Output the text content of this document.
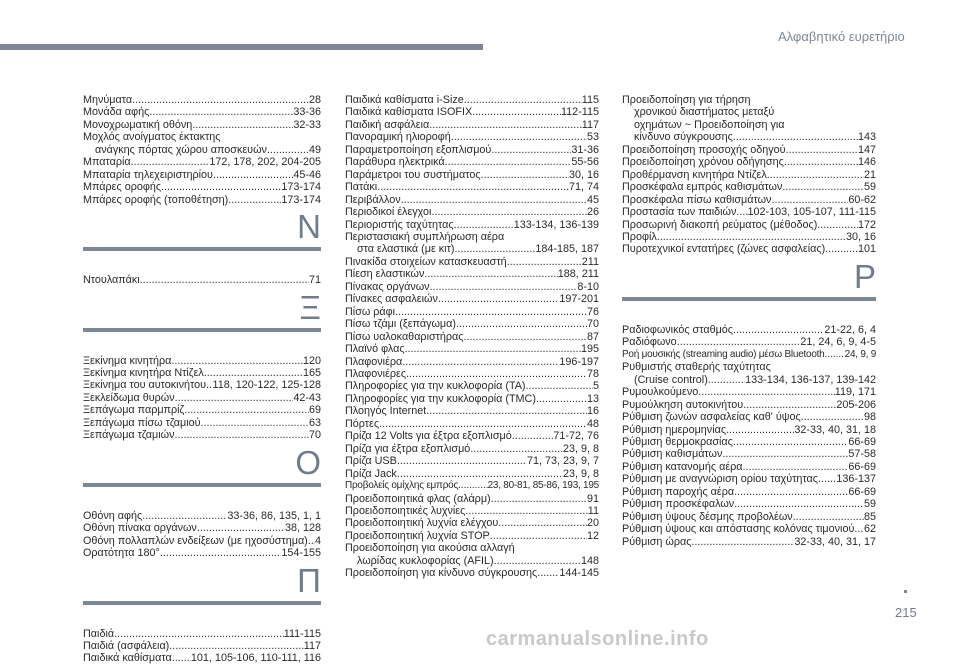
Αλφαβητικό ευρετήριο
Μηνύματα .....	28
Μονάδα αφής .....	33-36
Μονοχρωματική οθόνη .....	32-33
Μοχλός ανοίγματος έκτακτης
ανάγκης πόρτας χώρου αποσκευών .....	49
Μπαταρία .....	172, 178, 202, 204-205
Μπαταρία τηλεχειριστηρίου .....	45-46
Μπάρες οροφής .....	173-174
Μπάρες οροφής (τοποθέτηση) .....	173-174
Ν
Ντουλαπάκι .....	71
Ξ
Ξεκίνημα κινητήρα .....	120
Ξεκίνημα κινητήρα Ντίζελ .....	165
Ξεκίνημα του αυτοκινήτου ..... 118, 120-122, 125-128
Ξεκλείδωμα θυρών .....	42-43
Ξεπάγωμα παρμπρίζ .....	69
Ξεπάγωμα πίσω τζαμιού .....	63
Ξεπάγωμα τζαμιών .....	70
Ο
Οθόνη αφής .....	33-36, 86, 135, 1, 1
Οθόνη πίνακα οργάνων .....	38, 128
Οθόνη πολλαπλών ενδείξεων (με ηχοσύστημα) ..... 4
Ορατότητα 180° .....	154-155
Π
Παιδιά .....	111-115
Παιδιά (ασφάλεια) .....	117
Παιδικά καθίσματα ..... 101, 105-106, 110-111, 116
Παιδικά καθίσματα i-Size .....	115
Παιδικά καθίσματα ISOFIX .....	112-115
Παιδική ασφάλεια .....	117
Πανοραμική ηλιοροφή .....	53
Παραμετροποίηση εξοπλισμού .....	31-36
Παράθυρα ηλεκτρικά .....	55-56
Παράμετροι του συστήματος .....	30, 16
Πατάκι .....	71, 74
Περιβάλλον .....	45
Περιοδικοί έλεγχοι .....	26
Περιοριστής ταχύτητας .....	133-134, 136-139
Περιστασιακή συμπλήρωση αέρα
στα ελαστικά (με κιτ) .....	184-185, 187
Πινακίδα στοιχείων κατασκευαστή .....	211
Πίεση ελαστικών .....	188, 211
Πίνακας οργάνων .....	8-10
Πίνακες ασφαλειών .....	197-201
Πίσω ράφι .....	76
Πίσω τζάμι (ξεπάγωμα) .....	70
Πίσω υαλοκαθαριστήρας .....	87
Πλαϊνό φλας .....	195
Πλαφονιέρα .....	196-197
Πλαφονιέρες .....	78
Πληροφορίες για την κυκλοφορία (TA) .....	5
Πληροφορίες για την κυκλοφορία (TMC) .....	13
Πλοηγός Internet .....	16
Πόρτες .....	48
Πρίζα 12 Volts για έξτρα εξοπλισμό .....	71-72, 76
Πρίζα για έξτρα εξοπλισμό .....	23, 9, 8
Πρίζα USB .....	71, 73, 23, 9, 7
Πρίζα Jack .....	23, 9, 8
Προβολείς ομίχλης εμπρός .....	23, 80-81, 85-86, 193, 195
Προειδοποιητικά φλας (αλάρμ) .....	91
Προειδοποιητικές λυχνίες .....	11
Προειδοποιητική λυχνία ελέγχου .....	20
Προειδοποιητική λυχνία STOP .....	12
Προειδοποίηση για ακούσια αλλαγή
λωρίδας κυκλοφορίας (AFIL) .....	148
Προειδοποίηση για κίνδυνο σύγκρουσης ..... 144-145
Προειδοποίηση για τήρηση
χρονικού διαστήματος μεταξύ
οχημάτων ~ Προειδοποίηση για
κίνδυνο σύγκρουσης .....	143
Προειδοποίηση προσοχής οδηγού .....	147
Προειδοποίηση χρόνου οδήγησης .....	146
Προθέρμανση κινητήρα Ντίζελ .....	21
Προσκέφαλα εμπρός καθισμάτων .....	59
Προσκέφαλα πίσω καθισμάτων .....	60-62
Προστασία των παιδιών ..... 102-103, 105-107, 111-115
Προσωρινή διακοπή ρεύματος (μέθοδος) .....	172
Προφίλ .....	30, 16
Πυροτεχνικοί εντατήρες (ζώνες ασφαλείας) .....	101
Ρ
Ραδιοφωνικός σταθμός .....	21-22, 6, 4
Ραδιόφωνο .....	21, 24, 6, 9, 4-5
Ροή μουσικής (streaming audio) μέσω Bluetooth ..... 24, 9, 9
Ρυθμιστής σταθερής ταχύτητας
(Cruise control) .....	133-134, 136-137, 139-142
Ρυμουλκούμενο .....	119, 171
Ρυμούλκηση αυτοκινήτου .....	205-206
Ρύθμιση ζωνών ασφαλείας καθ' ύψος .....	98
Ρύθμιση ημερομηνίας .....	32-33, 40, 31, 18
Ρύθμιση θερμοκρασίας .....	66-69
Ρύθμιση καθισμάτων .....	57-58
Ρύθμιση κατανομής αέρα .....	66-69
Ρύθμιση με αναγνώριση ορίου ταχύτητας ..... 136-137
Ρύθμιση παροχής αέρα .....	66-69
Ρύθμιση προσκέφαλων .....	59
Ρύθμιση ύψους δέσμης προβολέων .....	85
Ρύθμιση ύψους και απόστασης κολόνας τιμονιού ..... 62
Ρύθμιση ώρας .....	32-33, 40, 31, 17
215
carmanualsonline.info
